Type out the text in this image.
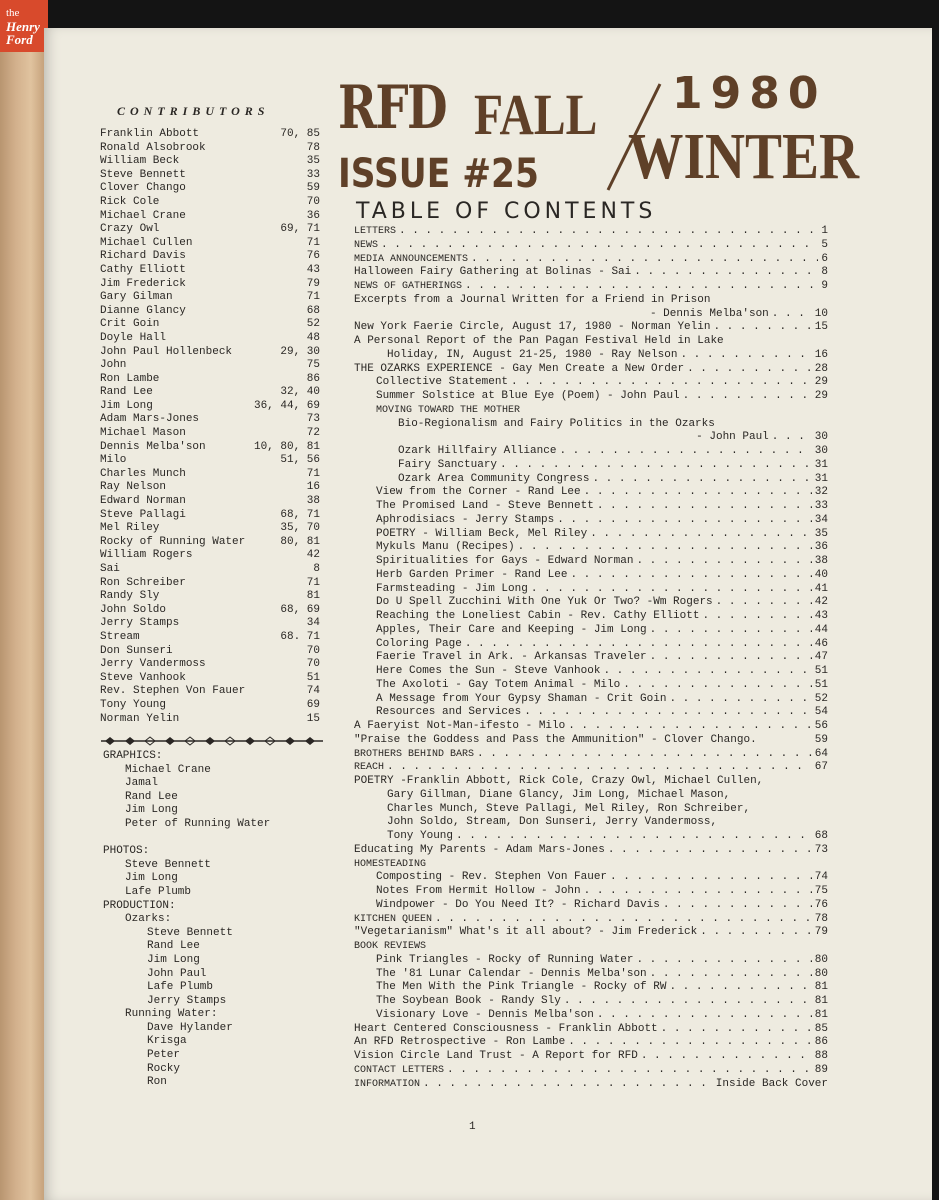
the
Henry Ford
CONTRIBUTORS
Franklin Abbott	70, 85
Ronald Alsobrook	78
William Beck	35
Steve Bennett	33
Clover Chango	59
Rick Cole	70
Michael Crane	36
Crazy Owl	69, 71
Michael Cullen	71
Richard Davis	76
Cathy Elliott	43
Jim Frederick	79
Gary Gilman	71
Dianne Glancy	68
Crit Goin	52
Doyle Hall	48
John Paul Hollenbeck	29, 30
John	75
Ron Lambe	86
Rand Lee	32, 40
Jim Long	36, 44, 69
Adam Mars-Jones	73
Michael Mason	72
Dennis Melba'son	10, 80, 81
Milo	51, 56
Charles Munch	71
Ray Nelson	16
Edward Norman	38
Steve Pallagi	68, 71
Mel Riley	35, 70
Rocky of Running Water	80, 81
William Rogers	42
Sai	8
Ron Schreiber	71
Randy Sly	81
John Soldo	68, 69
Jerry Stamps	34
Stream	68. 71
Don Sunseri	70
Jerry Vandermoss	70
Steve Vanhook	51
Rev. Stephen Von Fauer	74
Tony Young	69
Norman Yelin	15
GRAPHICS:
Michael Crane
Jamal
Rand Lee
Jim Long
Peter of Running Water
PHOTOS:
Steve Bennett
Jim Long
Lafe Plumb
PRODUCTION:
Ozarks:
Steve Bennett
Rand Lee
Jim Long
John Paul
Lafe Plumb
Jerry Stamps
Running Water:
Dave Hylander
Krisga
Peter
Rocky
Ron
RFD FALL 1980
WINTER
ISSUE #25
TABLE OF CONTENTS
LETTERS . . .	1
NEWS . . .	5
MEDIA ANNOUNCEMENTS . . .	6
Halloween Fairy Gathering at Bolinas - Sai . . .	8
NEWS OF GATHERINGS . . .	9
Excerpts from a Journal Written for a Friend in Prison
- Dennis Melba'son . . .	10
New York Faerie Circle, August 17, 1980 - Norman Yelin . . .	15
A Personal Report of the Pan Pagan Festival Held in Lake
Holiday, IN, August 21-25, 1980 - Ray Nelson . . .	16
THE OZARKS EXPERIENCE - Gay Men Create a New Order . . .	28
Collective Statement . . .	29
Summer Solstice at Blue Eye (Poem) - John Paul . . .	29
MOVING TOWARD THE MOTHER
Bio-Regionalism and Fairy Politics in the Ozarks
- John Paul . . .	30
Ozark Hillfairy Alliance . . .	30
Fairy Sanctuary . . .	31
Ozark Area Community Congress . . .	31
View from the Corner - Rand Lee . . .	32
The Promised Land - Steve Bennett . . .	33
Aphrodisiacs - Jerry Stamps . . .	34
POETRY - William Beck, Mel Riley . . .	35
Mykuls Manu (Recipes) . . .	36
Spiritualities for Gays - Edward Norman . . .	38
Herb Garden Primer - Rand Lee . . .	40
Farmsteading - Jim Long . . .	41
Do U Spell Zucchini With One Yuk Or Two? -Wm Rogers . . .	42
Reaching the Loneliest Cabin - Rev. Cathy Elliott . . .	43
Apples, Their Care and Keeping - Jim Long . . .	44
Coloring Page . . .	46
Faerie Travel in Ark. - Arkansas Traveler . . .	47
Here Comes the Sun - Steve Vanhook . . .	51
The Axoloti - Gay Totem Animal - Milo . . .	51
A Message from Your Gypsy Shaman - Crit Goin . . .	52
Resources and Services . . .	54
A Faeryist Not-Man-ifesto - Milo . . .	56
"Praise the Goddess and Pass the Ammunition" - Clover Chango.	59
BROTHERS BEHIND BARS . . .	64
REACH . . .	67
POETRY -Franklin Abbott, Rick Cole, Crazy Owl, Michael Cullen,
Gary Gillman, Diane Glancy, Jim Long, Michael Mason,
Charles Munch, Steve Pallagi, Mel Riley, Ron Schreiber,
John Soldo, Stream, Don Sunseri, Jerry Vandermoss,
Tony Young . . .	68
Educating My Parents - Adam Mars-Jones . . .	73
HOMESTEADING
Composting - Rev. Stephen Von Fauer . . .	74
Notes From Hermit Hollow - John . . .	75
Windpower - Do You Need It? - Richard Davis . . .	76
KITCHEN QUEEN . . .	78
"Vegetarianism" What's it all about? - Jim Frederick . . .	79
BOOK REVIEWS
Pink Triangles - Rocky of Running Water . . .	80
The '81 Lunar Calendar - Dennis Melba'son . . .	80
The Men With the Pink Triangle - Rocky of RW . . .	81
The Soybean Book - Randy Sly . . .	81
Visionary Love - Dennis Melba'son . . .	81
Heart Centered Consciousness - Franklin Abbott . . .	85
An RFD Retrospective - Ron Lambe . . .	86
Vision Circle Land Trust - A Report for RFD . . .	88
CONTACT LETTERS . . .	89
INFORMATION . . .	Inside Back Cover
1
